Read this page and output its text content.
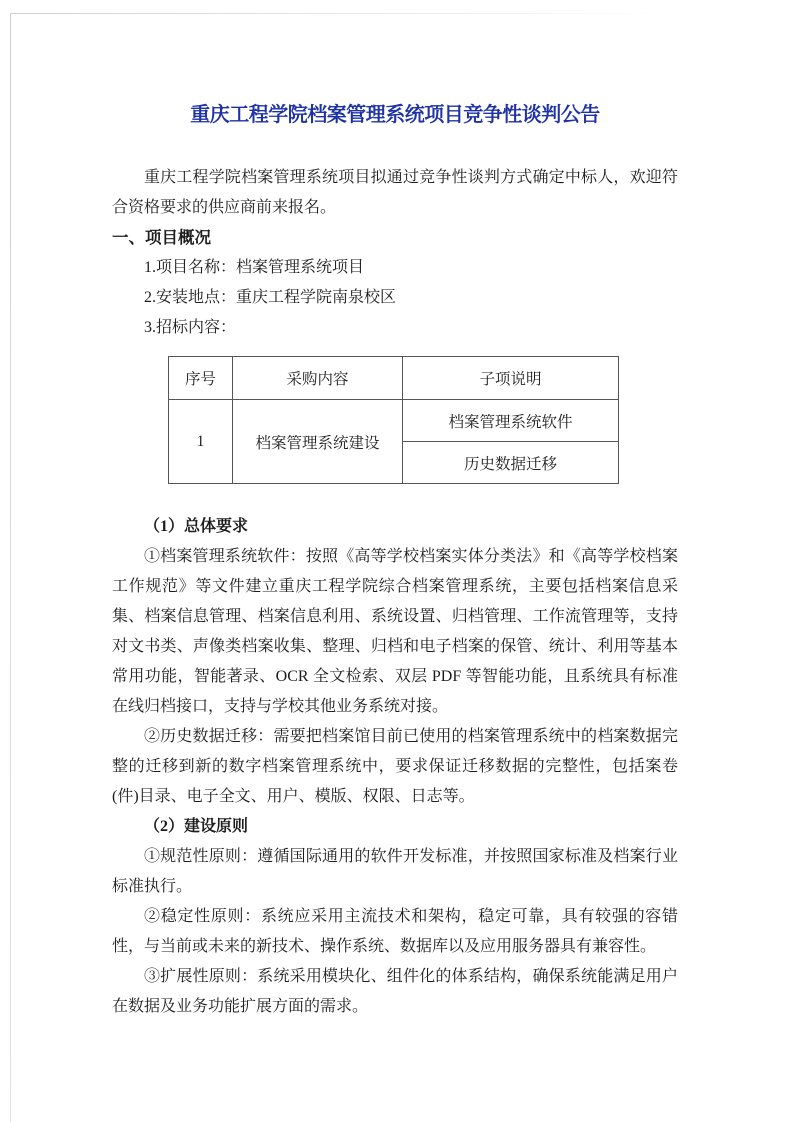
重庆工程学院档案管理系统项目竞争性谈判公告

重庆工程学院档案管理系统项目拟通过竞争性谈判方式确定中标人，欢迎符合资格要求的供应商前来报名。

一、项目概况
1.项目名称：档案管理系统项目
2.安装地点：重庆工程学院南泉校区
3.招标内容：
序号	采购内容	子项说明
1	档案管理系统建设	档案管理系统软件
		历史数据迁移
（1）总体要求

①档案管理系统软件：按照《高等学校档案实体分类法》和《高等学校档案工作规范》等文件建立重庆工程学院综合档案管理系统，主要包括档案信息采集、档案信息管理、档案信息利用、系统设置、归档管理、工作流管理等，支持对文书类、声像类档案收集、整理、归档和电子档案的保管、统计、利用等基本常用功能，智能著录、OCR 全文检索、双层 PDF 等智能功能，且系统具有标准在线归档接口，支持与学校其他业务系统对接。

②历史数据迁移：需要把档案馆目前已使用的档案管理系统中的档案数据完整的迁移到新的数字档案管理系统中，要求保证迁移数据的完整性，包括案卷(件)目录、电子全文、用户、模版、权限、日志等。

（2）建设原则

①规范性原则：遵循国际通用的软件开发标准，并按照国家标准及档案行业标准执行。

②稳定性原则：系统应采用主流技术和架构，稳定可靠，具有较强的容错性，与当前或未来的新技术、操作系统、数据库以及应用服务器具有兼容性。

③扩展性原则：系统采用模块化、组件化的体系结构，确保系统能满足用户在数据及业务功能扩展方面的需求。
